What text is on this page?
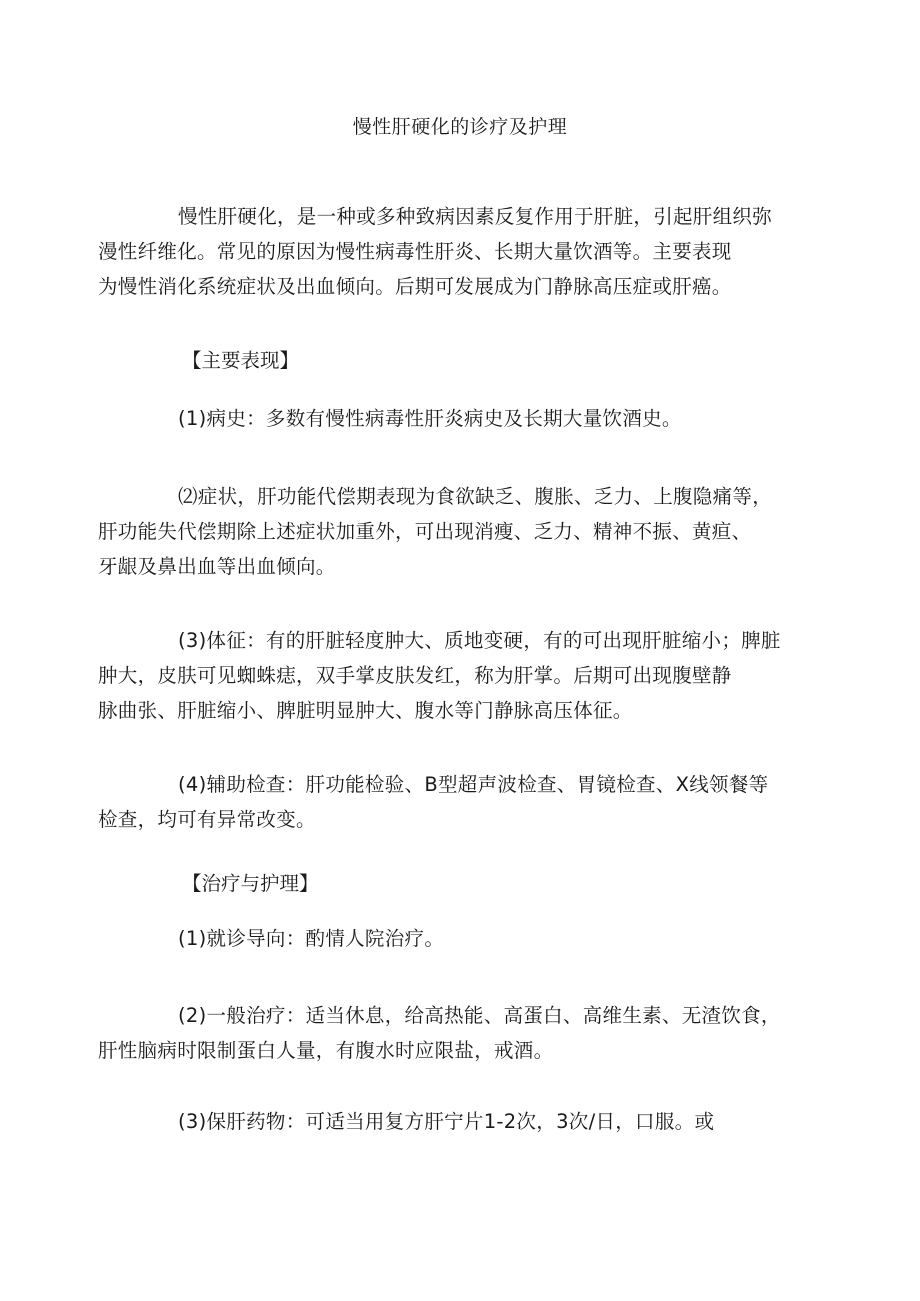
慢性肝硬化的诊疗及护理
慢性肝硬化，是一种或多种致病因素反复作用于肝脏，引起肝组织弥
漫性纤维化。常见的原因为慢性病毒性肝炎、长期大量饮酒等。主要表现
为慢性消化系统症状及出血倾向。后期可发展成为门静脉高压症或肝癌。
【主要表现】
(1)病史：多数有慢性病毒性肝炎病史及长期大量饮酒史。
⑵症状，肝功能代偿期表现为食欲缺乏、腹胀、乏力、上腹隐痛等，
肝功能失代偿期除上述症状加重外，可出现消瘦、乏力、精神不振、黄疸、
牙龈及鼻出血等出血倾向。
(3)体征：有的肝脏轻度肿大、质地变硬，有的可出现肝脏缩小；脾脏
肿大，皮肤可见蜘蛛痣，双手掌皮肤发红，称为肝掌。后期可出现腹壁静
脉曲张、肝脏缩小、脾脏明显肿大、腹水等门静脉高压体征。
(4)辅助检查：肝功能检验、B型超声波检查、胃镜检查、X线领餐等
检查，均可有异常改变。
【治疗与护理】
(1)就诊导向：酌情人院治疗。
(2)一般治疗：适当休息，给高热能、高蛋白、高维生素、无渣饮食，
肝性脑病时限制蛋白人量，有腹水时应限盐，戒酒。
(3)保肝药物：可适当用复方肝宁片1-2次，3次/日，口服。或
